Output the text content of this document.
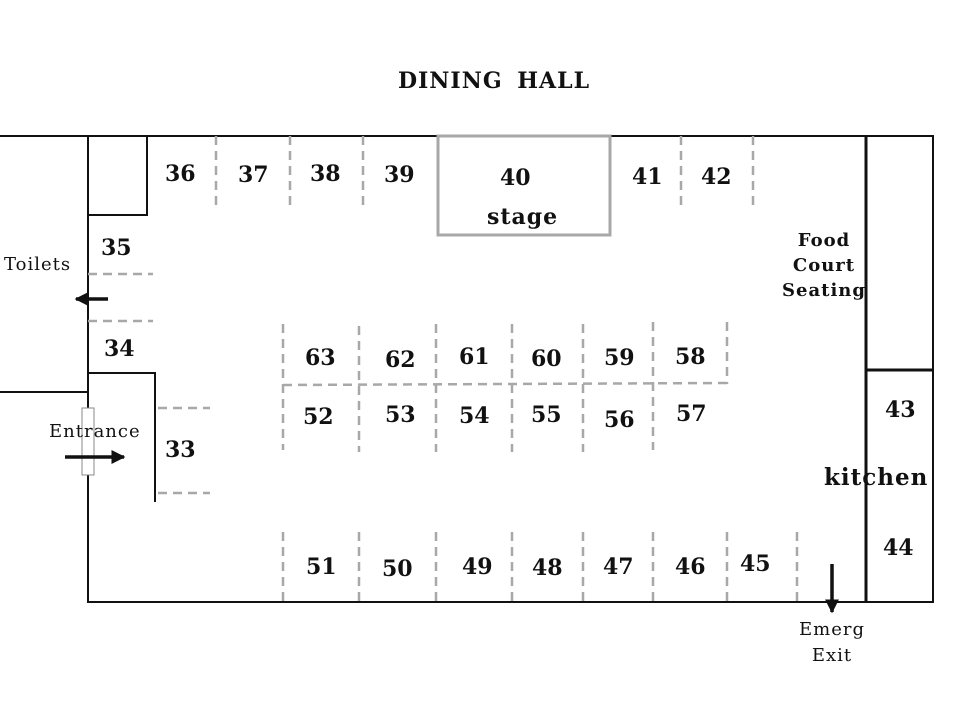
DINING HALL
36 37 38 39	40
stage
41 42
35
Toilets
34
Entrance
33
63 62 61 60 59 58
52 53 54 55 56 57
51 50 49 48 47 46 45
Food
Court
Seating
43
kitchen
44
Emerg
Exit
